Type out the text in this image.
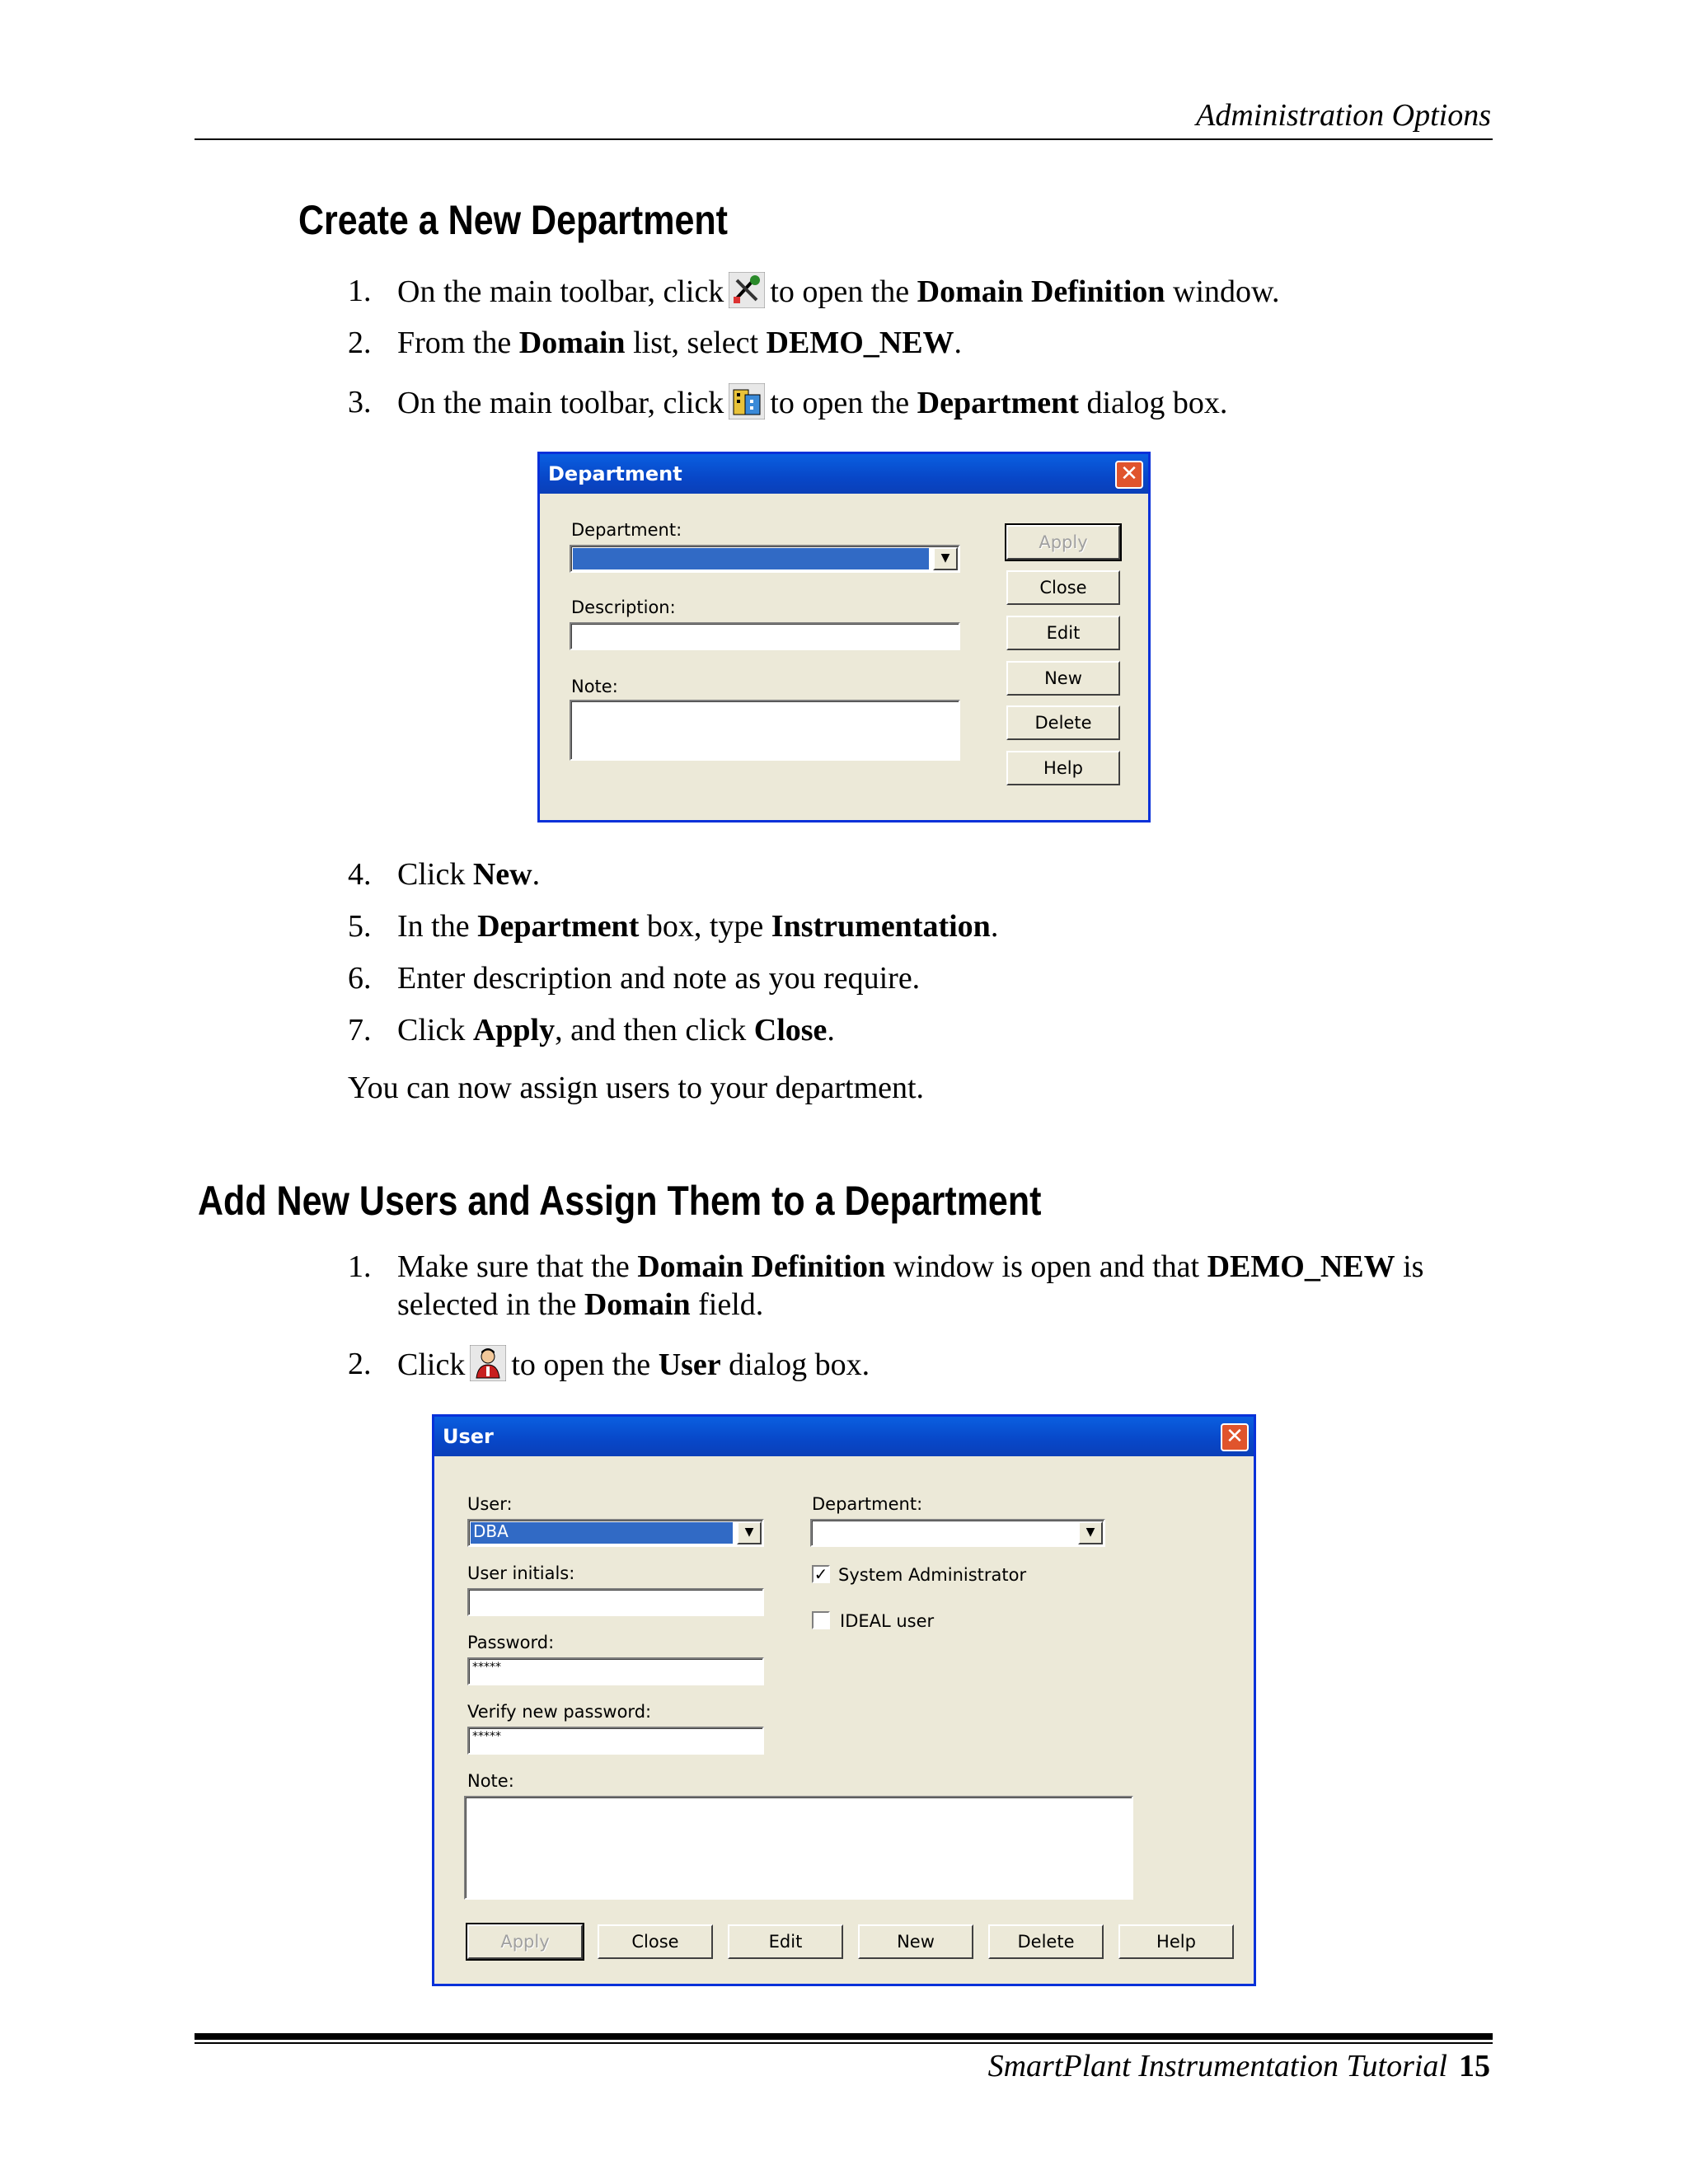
Administration Options
Create a New Department
1. On the main toolbar, click to open the Domain Definition window.
2. From the Domain list, select DEMO_NEW.
3. On the main toolbar, click to open the Department dialog box.
Department	✕
Department:
▼
Description:
Note:
Apply
Close
Edit
New
Delete
Help
4. Click New.
5. In the Department box, type Instrumentation.
6. Enter description and note as you require.
7. Click Apply, and then click Close.
You can now assign users to your department.
Add New Users and Assign Them to a Department
1. Make sure that the Domain Definition window is open and that DEMO_NEW is
selected in the Domain field.
2. Click to open the User dialog box.
User	✕
User:
DBA	▼
User initials:
Password:
*****
Verify new password:
*****
Note:
Department:
▼
✓ System Administrator
IDEAL user
Apply	Close	Edit	New	Delete	Help
SmartPlant Instrumentation Tutorial 15
